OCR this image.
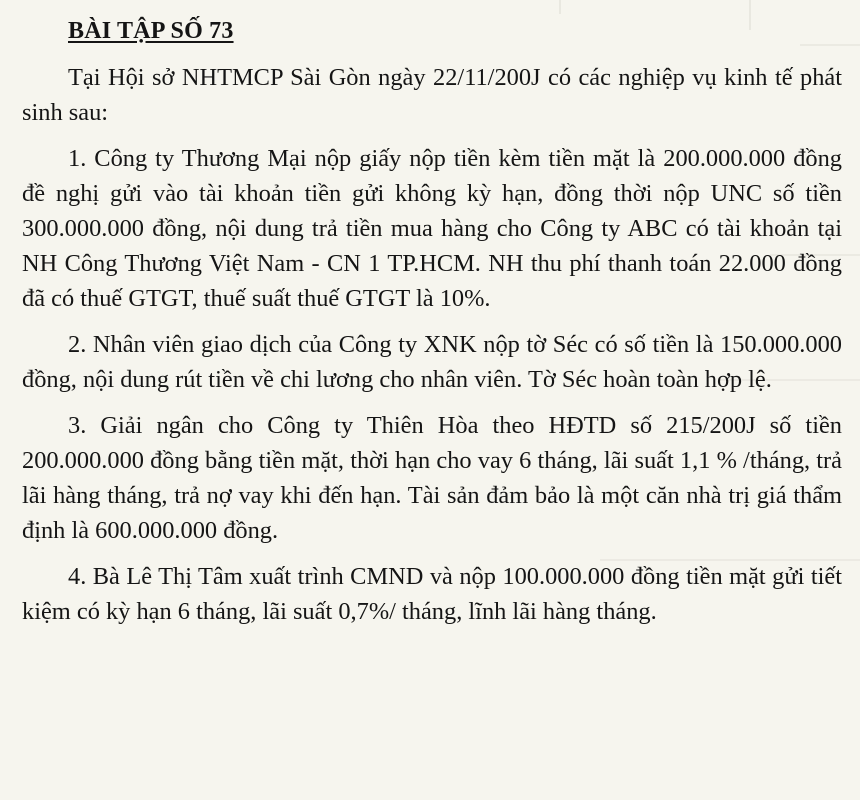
BÀI TẬP SỐ 73

Tại Hội sở NHTMCP Sài Gòn ngày 22/11/200J có các nghiệp vụ kinh tế phát sinh sau:

1. Công ty Thương Mại nộp giấy nộp tiền kèm tiền mặt là 200.000.000 đồng đề nghị gửi vào tài khoản tiền gửi không kỳ hạn, đồng thời nộp UNC số tiền 300.000.000 đồng, nội dung trả tiền mua hàng cho Công ty ABC có tài khoản tại NH Công Thương Việt Nam - CN 1 TP.HCM. NH thu phí thanh toán 22.000 đồng đã có thuế GTGT, thuế suất thuế GTGT là 10%.

2. Nhân viên giao dịch của Công ty XNK nộp tờ Séc có số tiền là 150.000.000 đồng, nội dung rút tiền về chi lương cho nhân viên. Tờ Séc hoàn toàn hợp lệ.

3. Giải ngân cho Công ty Thiên Hòa theo HĐTD số 215/200J số tiền 200.000.000 đồng bằng tiền mặt, thời hạn cho vay 6 tháng, lãi suất 1,1 % /tháng, trả lãi hàng tháng, trả nợ vay khi đến hạn. Tài sản đảm bảo là một căn nhà trị giá thẩm định là 600.000.000 đồng.

4. Bà Lê Thị Tâm xuất trình CMND và nộp 100.000.000 đồng tiền mặt gửi tiết kiệm có kỳ hạn 6 tháng, lãi suất 0,7%/ tháng, lĩnh lãi hàng tháng.
